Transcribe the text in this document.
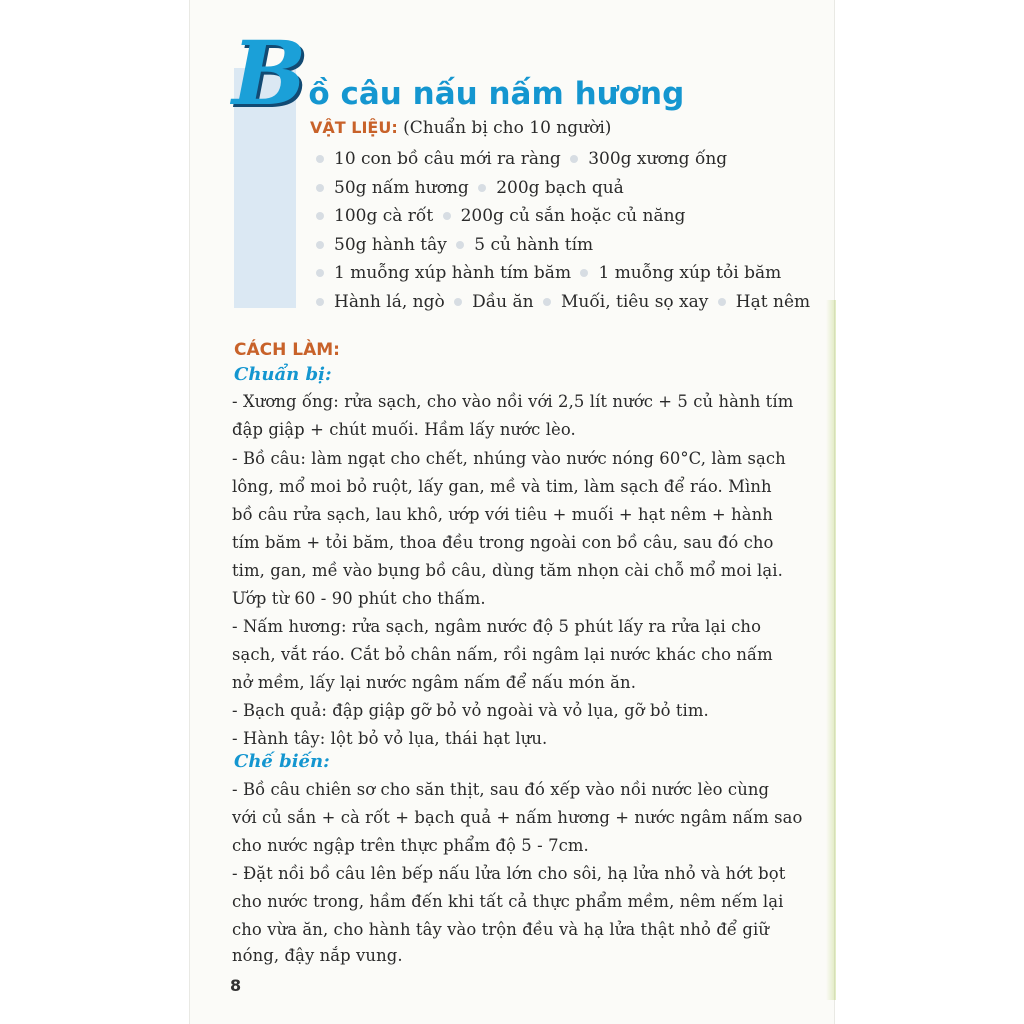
Bồ câu nấu nấm hương
VẬT LIỆU: (Chuẩn bị cho 10 người)
10 con bồ câu mới ra ràng 300g xương ống
50g nấm hương 200g bạch quả
100g cà rốt 200g củ sắn hoặc củ năng
50g hành tây 5 củ hành tím
1 muỗng xúp hành tím băm 1 muỗng xúp tỏi băm
Hành lá, ngò Dầu ăn Muối, tiêu sọ xay Hạt nêm
CÁCH LÀM:
Chuẩn bị:
- Xương ống: rửa sạch, cho vào nồi với 2,5 lít nước + 5 củ hành tím
đập giập + chút muối. Hầm lấy nước lèo.
- Bồ câu: làm ngạt cho chết, nhúng vào nước nóng 60°C, làm sạch
lông, mổ moi bỏ ruột, lấy gan, mề và tim, làm sạch để ráo. Mình
bồ câu rửa sạch, lau khô, ướp với tiêu + muối + hạt nêm + hành
tím băm + tỏi băm, thoa đều trong ngoài con bồ câu, sau đó cho
tim, gan, mề vào bụng bồ câu, dùng tăm nhọn cài chỗ mổ moi lại.
Ướp từ 60 - 90 phút cho thấm.
- Nấm hương: rửa sạch, ngâm nước độ 5 phút lấy ra rửa lại cho
sạch, vắt ráo. Cắt bỏ chân nấm, rồi ngâm lại nước khác cho nấm
nở mềm, lấy lại nước ngâm nấm để nấu món ăn.
- Bạch quả: đập giập gỡ bỏ vỏ ngoài và vỏ lụa, gỡ bỏ tim.
- Hành tây: lột bỏ vỏ lụa, thái hạt lựu.
Chế biến:
- Bồ câu chiên sơ cho săn thịt, sau đó xếp vào nồi nước lèo cùng
với củ sắn + cà rốt + bạch quả + nấm hương + nước ngâm nấm sao
cho nước ngập trên thực phẩm độ 5 - 7cm.
- Đặt nồi bồ câu lên bếp nấu lửa lớn cho sôi, hạ lửa nhỏ và hớt bọt
cho nước trong, hầm đến khi tất cả thực phẩm mềm, nêm nếm lại
cho vừa ăn, cho hành tây vào trộn đều và hạ lửa thật nhỏ để giữ
nóng, đậy nắp vung.
8
